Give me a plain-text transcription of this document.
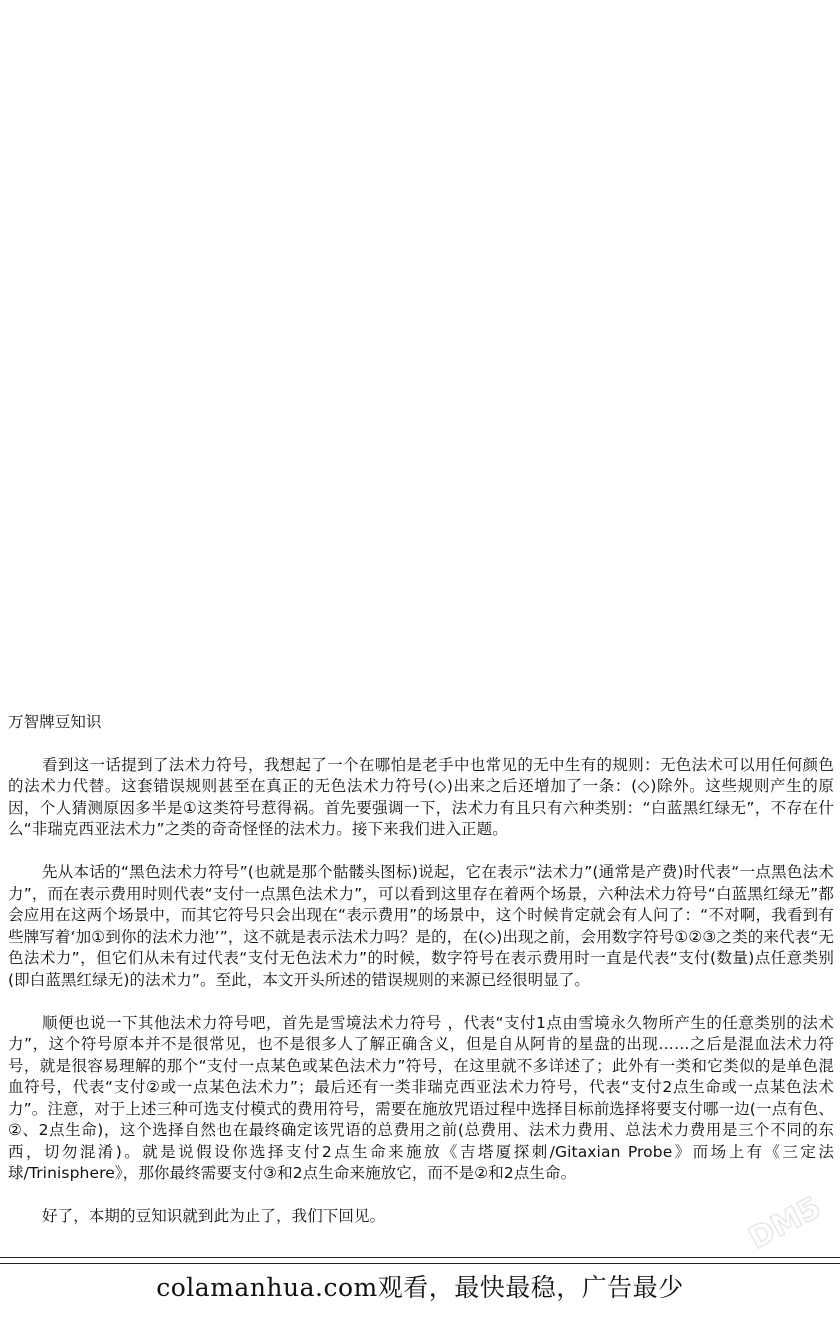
万智牌豆知识

看到这一话提到了法术力符号，我想起了一个在哪怕是老手中也常见的无中生有的规则：无色法术可以用任何颜色的法术力代替。这套错误规则甚至在真正的无色法术力符号(◇)出来之后还增加了一条：(◇)除外。这些规则产生的原因，个人猜测原因多半是①这类符号惹得祸。首先要强调一下，法术力有且只有六种类别：“白蓝黑红绿无”，不存在什么“非瑞克西亚法术力”之类的奇奇怪怪的法术力。接下来我们进入正题。

先从本话的“黑色法术力符号”(也就是那个骷髅头图标)说起，它在表示“法术力”(通常是产费)时代表“一点黑色法术力”，而在表示费用时则代表“支付一点黑色法术力”，可以看到这里存在着两个场景，六种法术力符号“白蓝黑红绿无”都会应用在这两个场景中，而其它符号只会出现在“表示费用”的场景中，这个时候肯定就会有人问了：“不对啊，我看到有些牌写着‘加①到你的法术力池’”，这不就是表示法术力吗？是的，在(◇)出现之前，会用数字符号①②③之类的来代表“无色法术力”，但它们从未有过代表“支付无色法术力”的时候，数字符号在表示费用时一直是代表“支付(数量)点任意类别(即白蓝黑红绿无)的法术力”。至此，本文开头所述的错误规则的来源已经很明显了。

顺便也说一下其他法术力符号吧，首先是雪境法术力符号 ，代表“支付1点由雪境永久物所产生的任意类别的法术力”，这个符号原本并不是很常见，也不是很多人了解正确含义，但是自从阿肯的星盘的出现……之后是混血法术力符号，就是很容易理解的那个“支付一点某色或某色法术力”符号，在这里就不多详述了；此外有一类和它类似的是单色混血符号，代表“支付②或一点某色法术力”；最后还有一类非瑞克西亚法术力符号，代表“支付2点生命或一点某色法术力”。注意，对于上述三种可选支付模式的费用符号，需要在施放咒语过程中选择目标前选择将要支付哪一边(一点有色、②、2点生命)，这个选择自然也在最终确定该咒语的总费用之前(总费用、法术力费用、总法术力费用是三个不同的东西，切勿混淆)。就是说假设你选择支付2点生命来施放《吉塔厦探刺/Gitaxian Probe》而场上有《三定法球/Trinisphere》，那你最终需要支付③和2点生命来施放它，而不是②和2点生命。

好了，本期的豆知识就到此为止了，我们下回见。	DM5
colamanhua.com观看，最快最稳，广告最少
